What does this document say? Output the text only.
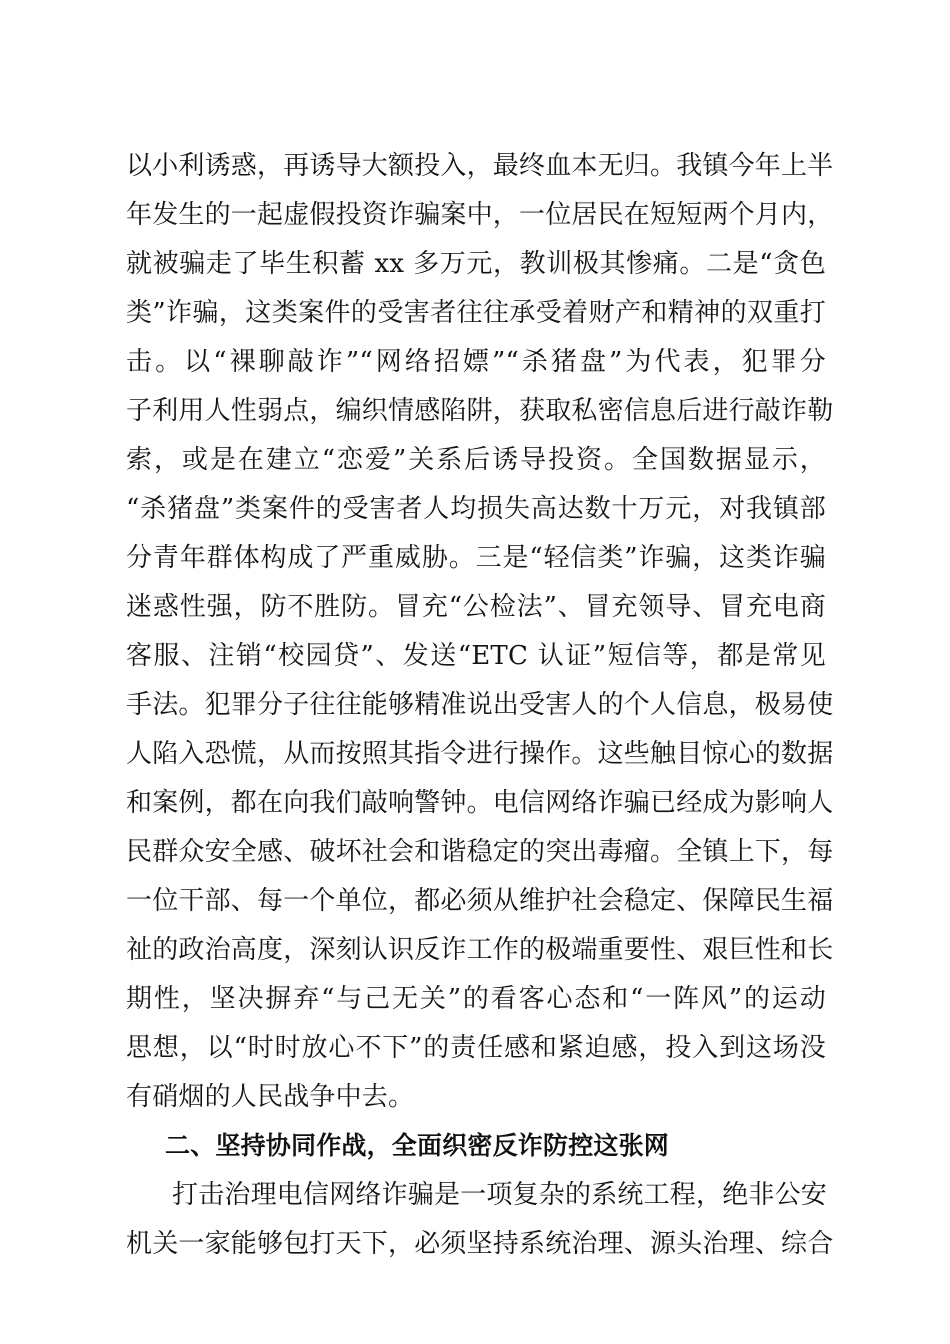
以小利诱惑，再诱导大额投入，最终血本无归。我镇今年上半
年发生的一起虚假投资诈骗案中，一位居民在短短两个月内，
就被骗走了毕生积蓄 xx 多万元，教训极其惨痛。二是“贪色
类”诈骗，这类案件的受害者往往承受着财产和精神的双重打
击。以“裸聊敲诈”“网络招嫖”“杀猪盘”为代表，犯罪分
子利用人性弱点，编织情感陷阱，获取私密信息后进行敲诈勒
索，或是在建立“恋爱”关系后诱导投资。全国数据显示，
“杀猪盘”类案件的受害者人均损失高达数十万元，对我镇部
分青年群体构成了严重威胁。三是“轻信类”诈骗，这类诈骗
迷惑性强，防不胜防。冒充“公检法”、冒充领导、冒充电商
客服、注销“校园贷”、发送“ETC 认证”短信等，都是常见
手法。犯罪分子往往能够精准说出受害人的个人信息，极易使
人陷入恐慌，从而按照其指令进行操作。这些触目惊心的数据
和案例，都在向我们敲响警钟。电信网络诈骗已经成为影响人
民群众安全感、破坏社会和谐稳定的突出毒瘤。全镇上下，每
一位干部、每一个单位，都必须从维护社会稳定、保障民生福
祉的政治高度，深刻认识反诈工作的极端重要性、艰巨性和长
期性，坚决摒弃“与己无关”的看客心态和“一阵风”的运动
思想，以“时时放心不下”的责任感和紧迫感，投入到这场没
有硝烟的人民战争中去。
二、坚持协同作战，全面织密反诈防控这张网
打击治理电信网络诈骗是一项复杂的系统工程，绝非公安
机关一家能够包打天下，必须坚持系统治理、源头治理、综合
